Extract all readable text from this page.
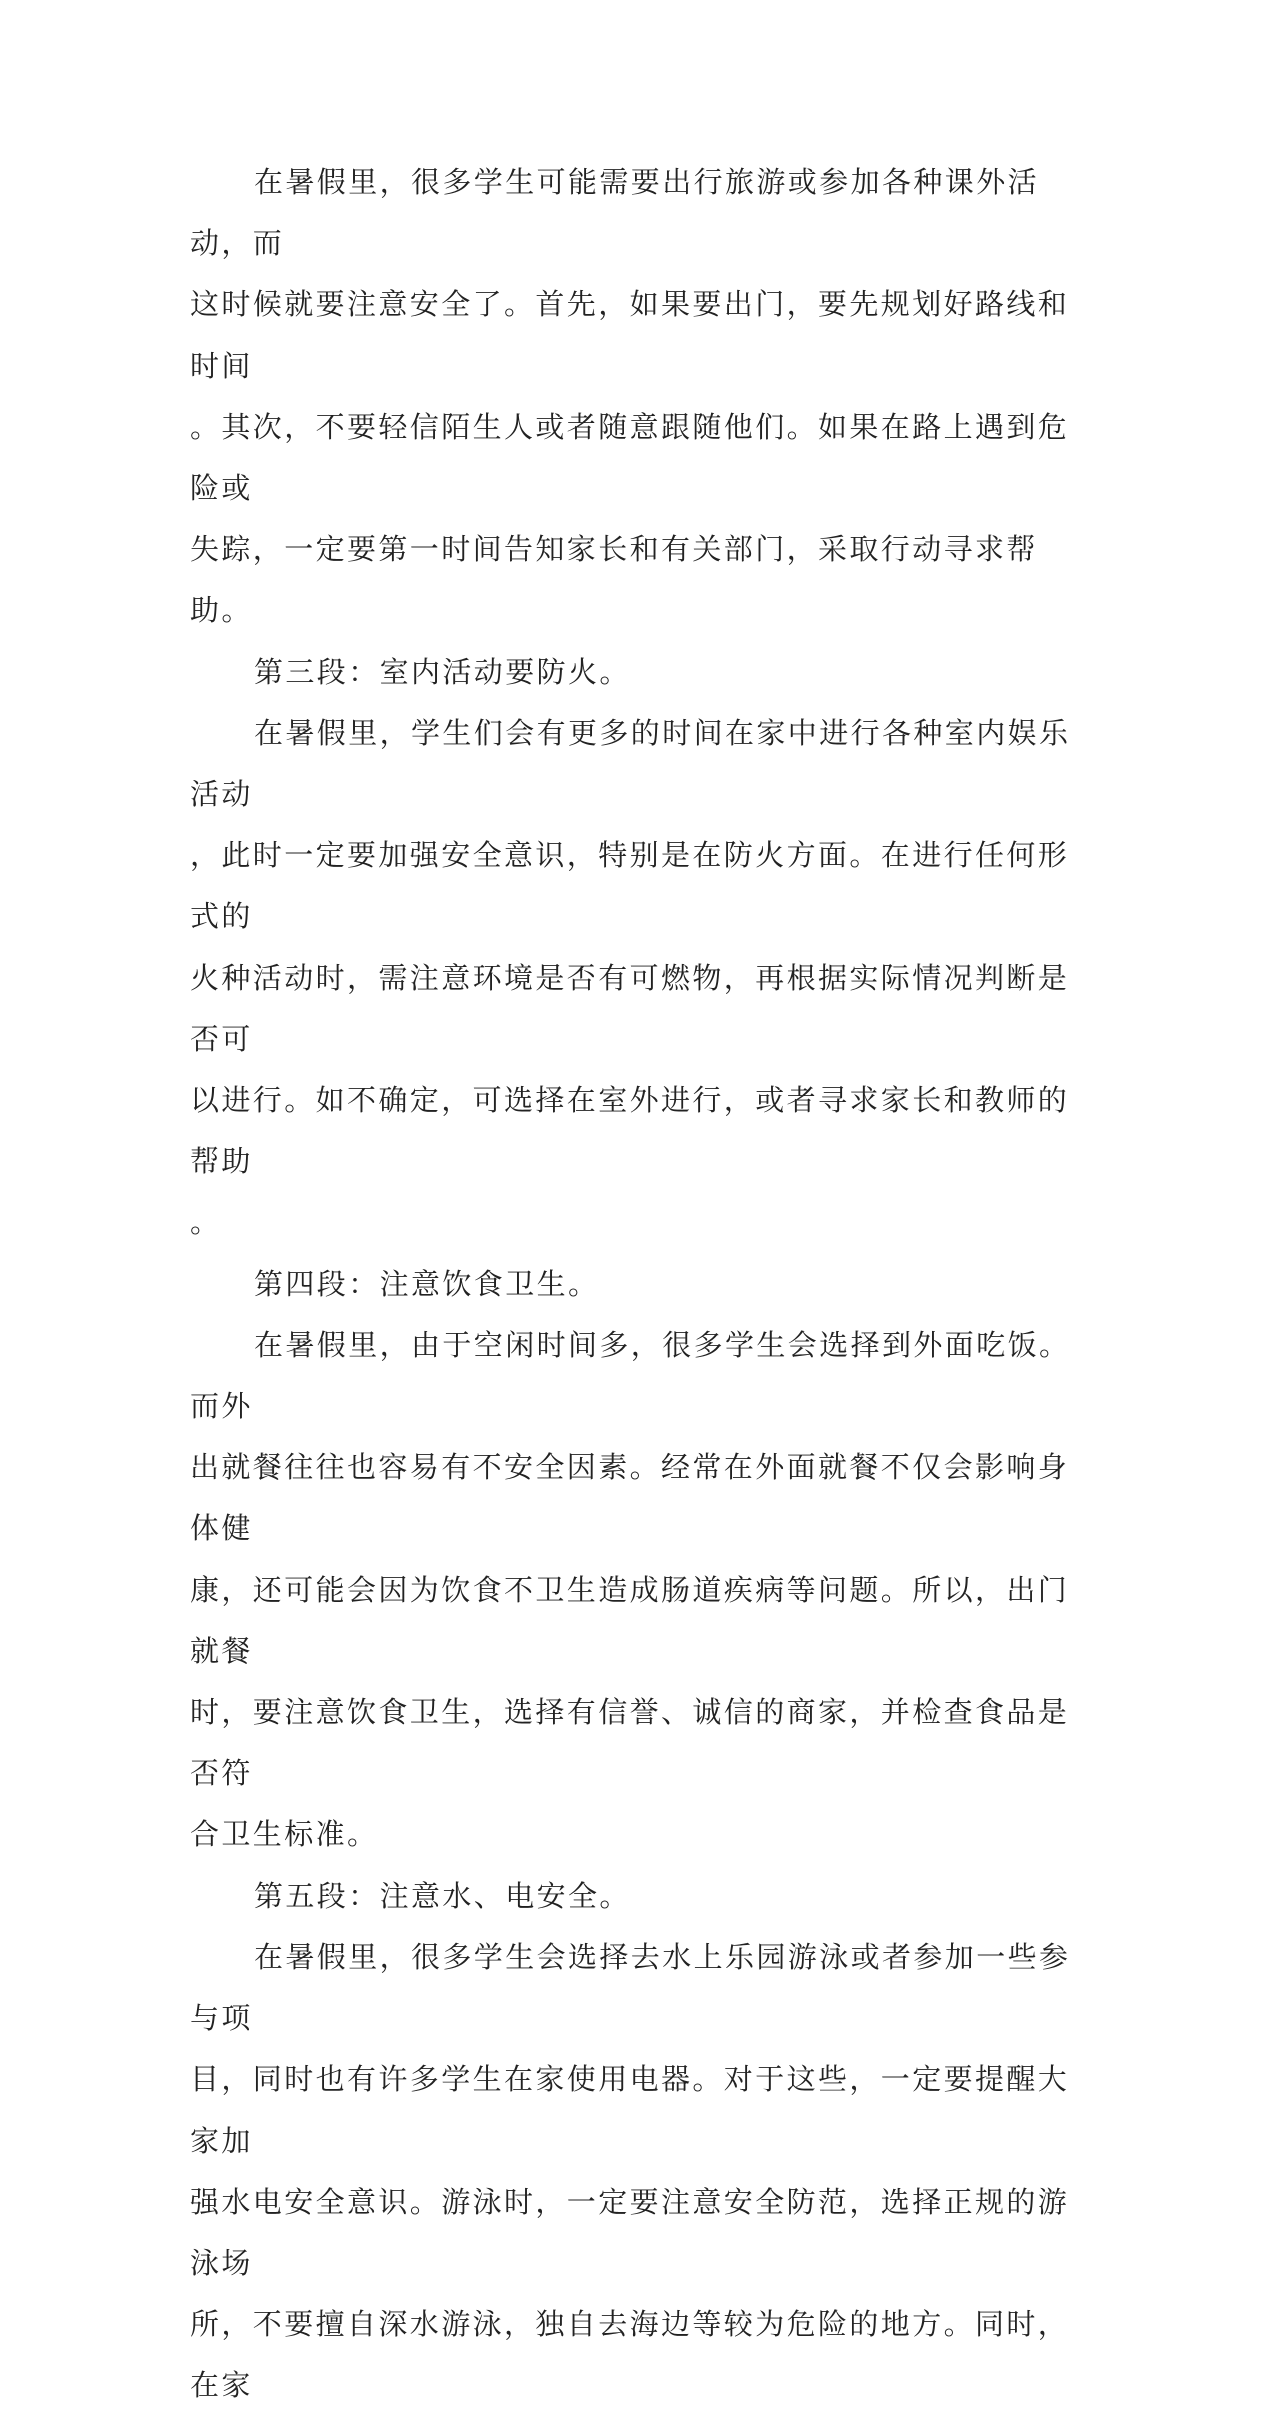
在暑假里，很多学生可能需要出行旅游或参加各种课外活动，而
这时候就要注意安全了。首先，如果要出门，要先规划好路线和时间
。其次，不要轻信陌生人或者随意跟随他们。如果在路上遇到危险或
失踪，一定要第一时间告知家长和有关部门，采取行动寻求帮助。

第三段：室内活动要防火。

在暑假里，学生们会有更多的时间在家中进行各种室内娱乐活动
，此时一定要加强安全意识，特别是在防火方面。在进行任何形式的
火种活动时，需注意环境是否有可燃物，再根据实际情况判断是否可
以进行。如不确定，可选择在室外进行，或者寻求家长和教师的帮助
。

第四段：注意饮食卫生。

在暑假里，由于空闲时间多，很多学生会选择到外面吃饭。而外
出就餐往往也容易有不安全因素。经常在外面就餐不仅会影响身体健
康，还可能会因为饮食不卫生造成肠道疾病等问题。所以，出门就餐
时，要注意饮食卫生，选择有信誉、诚信的商家，并检查食品是否符
合卫生标准。

第五段：注意水、电安全。

在暑假里，很多学生会选择去水上乐园游泳或者参加一些参与项
目，同时也有许多学生在家使用电器。对于这些，一定要提醒大家加
强水电安全意识。游泳时，一定要注意安全防范，选择正规的游泳场
所，不要擅自深水游泳，独自去海边等较为危险的地方。同时，在家
